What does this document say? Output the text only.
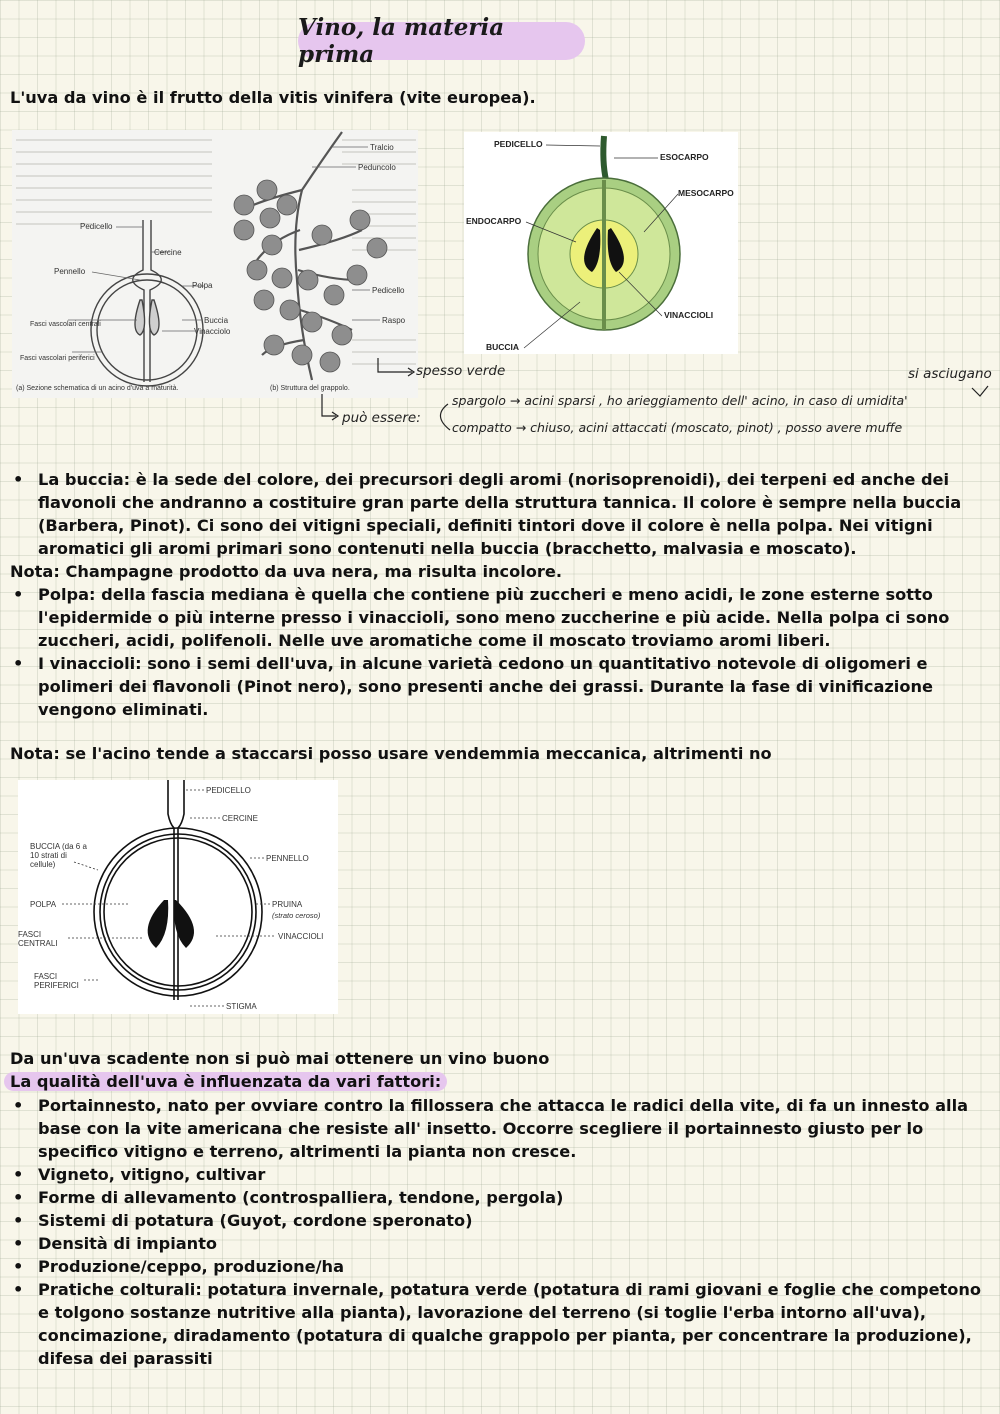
Vino, la materia prima
L'uva da vino è il frutto della vitis vinifera (vite europea).
Pedicello
Cercine
Pennello
Polpa
Fasci vascolari centrali	Buccia
Vinacciolo
Fasci vascolari periferici
(a) Sezione schematica di un acino d'uva a maturità.
Tralcio
Peduncolo
Pedicello
Raspo
(b) Struttura del grappolo.
PEDICELLO
ESOCARPO
MESOCARPO
ENDOCARPO
VINACCIOLI
BUCCIA
spesso verde	si asciugano
può essere:
spargolo → acini sparsi , ho arieggiamento dell' acino, in caso di umidita'
compatto → chiuso, acini attaccati (moscato, pinot) , posso avere muffe
• La buccia: è la sede del colore, dei precursori degli aromi (norisoprenoidi), dei terpeni ed anche dei flavonoli che andranno a costituire gran parte della struttura tannica. Il colore è sempre nella buccia (Barbera, Pinot). Ci sono dei vitigni speciali, definiti tintori dove il colore è nella polpa. Nei vitigni aromatici gli aromi primari sono contenuti nella buccia (bracchetto, malvasia e moscato).
Nota: Champagne prodotto da uva nera, ma risulta incolore.
• Polpa: della fascia mediana è quella che contiene più zuccheri e meno acidi, le zone esterne sotto l'epidermide o più interne presso i vinaccioli, sono meno zuccherine e più acide. Nella polpa ci sono zuccheri, acidi, polifenoli. Nelle uve aromatiche come il moscato troviamo aromi liberi.
• I vinaccioli: sono i semi dell'uva, in alcune varietà cedono un quantitativo notevole di oligomeri e polimeri dei flavonoli (Pinot nero), sono presenti anche dei grassi. Durante la fase di vinificazione vengono eliminati.
Nota: se l'acino tende a staccarsi posso usare vendemmia meccanica, altrimenti no
PEDICELLO
CERCINE
BUCCIA (da 6 a 10 strati di cellule)
PENNELLO
POLPA	PRUINA
(strato ceroso)
FASCI CENTRALI
VINACCIOLI
FASCI PERIFERICI
STIGMA
Da un'uva scadente non si può mai ottenere un vino buono
La qualità dell'uva è influenzata da vari fattori:
• Portainnesto, nato per ovviare contro la fillossera che attacca le radici della vite, di fa un innesto alla base con la vite americana che resiste all' insetto. Occorre scegliere il portainnesto giusto per lo specifico vitigno e terreno, altrimenti la pianta non cresce.
• Vigneto, vitigno, cultivar
• Forme di allevamento (controspalliera, tendone, pergola)
• Sistemi di potatura (Guyot, cordone speronato)
• Densità di impianto
• Produzione/ceppo, produzione/ha
• Pratiche colturali: potatura invernale, potatura verde (potatura di rami giovani e foglie che competono e tolgono sostanze nutritive alla pianta), lavorazione del terreno (si toglie l'erba intorno all'uva), concimazione, diradamento (potatura di qualche grappolo per pianta, per concentrare la produzione), difesa dei parassiti
